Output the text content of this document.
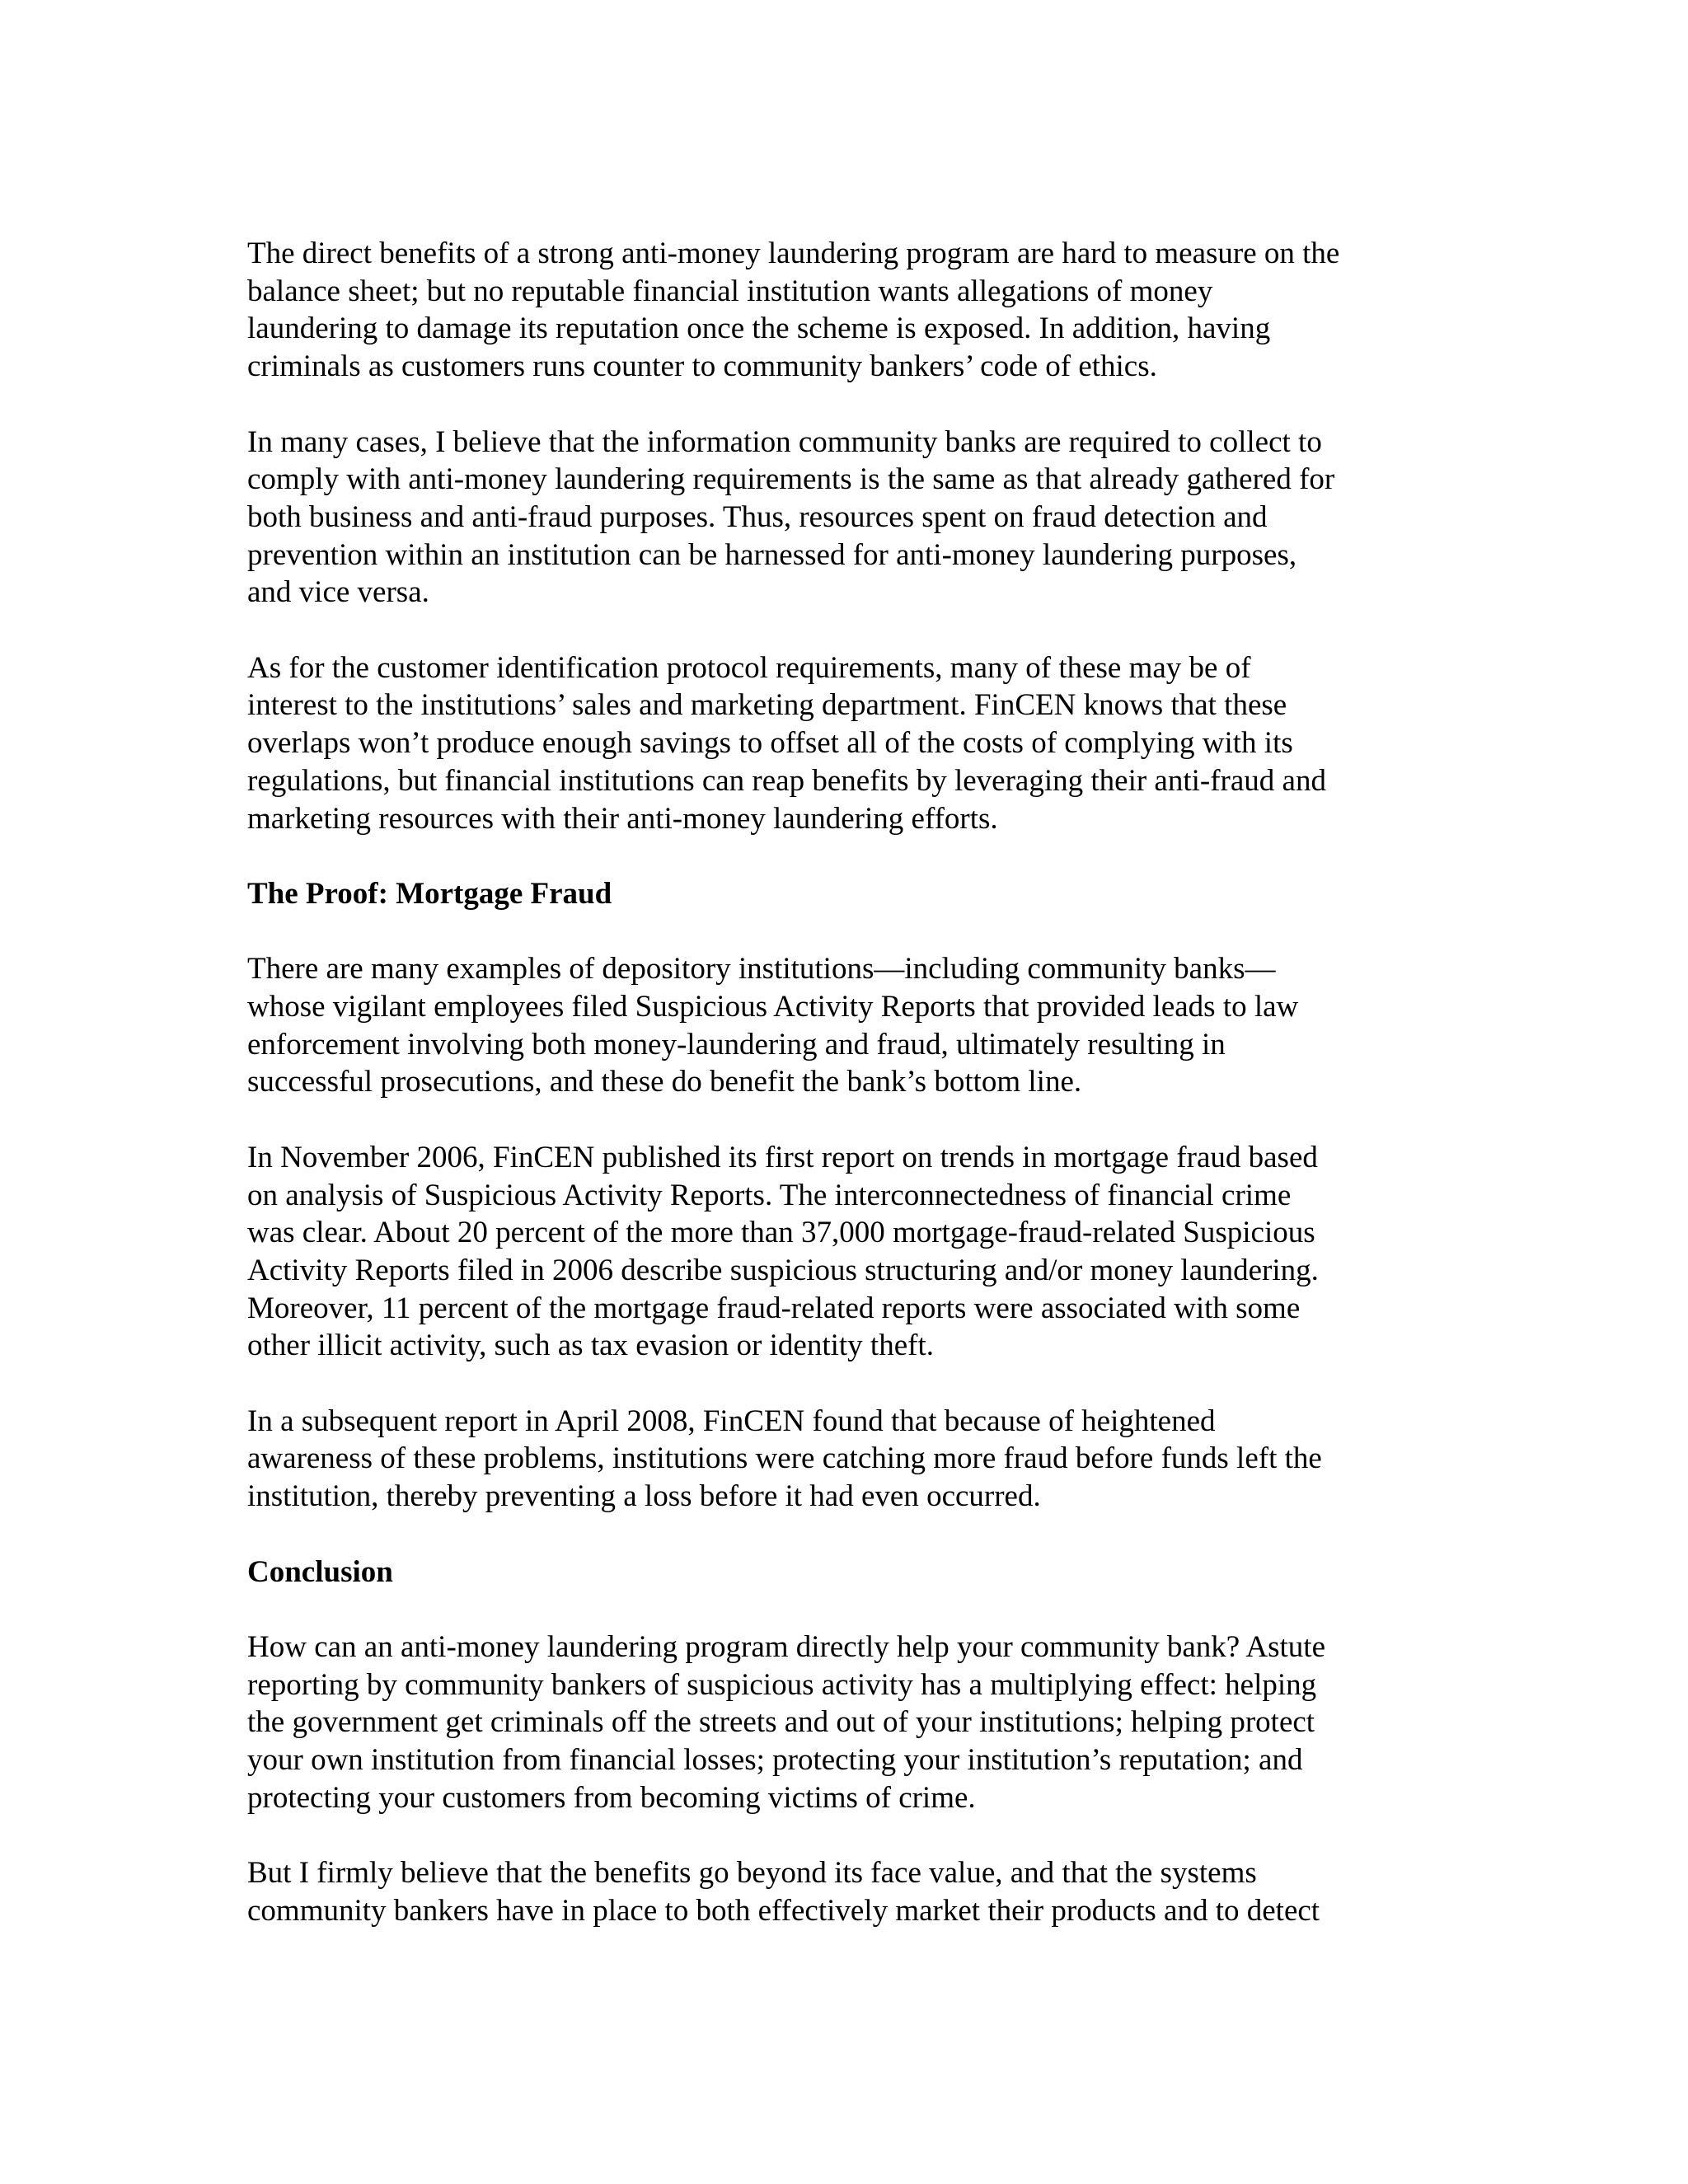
The direct benefits of a strong anti-money laundering program are hard to measure on the
balance sheet; but no reputable financial institution wants allegations of money
laundering to damage its reputation once the scheme is exposed. In addition, having
criminals as customers runs counter to community bankers’ code of ethics.

In many cases, I believe that the information community banks are required to collect to
comply with anti-money laundering requirements is the same as that already gathered for
both business and anti-fraud purposes. Thus, resources spent on fraud detection and
prevention within an institution can be harnessed for anti-money laundering purposes,
and vice versa.

As for the customer identification protocol requirements, many of these may be of
interest to the institutions’ sales and marketing department. FinCEN knows that these
overlaps won’t produce enough savings to offset all of the costs of complying with its
regulations, but financial institutions can reap benefits by leveraging their anti-fraud and
marketing resources with their anti-money laundering efforts.

The Proof: Mortgage Fraud

There are many examples of depository institutions—including community banks—
whose vigilant employees filed Suspicious Activity Reports that provided leads to law
enforcement involving both money-laundering and fraud, ultimately resulting in
successful prosecutions, and these do benefit the bank’s bottom line.

In November 2006, FinCEN published its first report on trends in mortgage fraud based
on analysis of Suspicious Activity Reports. The interconnectedness of financial crime
was clear. About 20 percent of the more than 37,000 mortgage-fraud-related Suspicious
Activity Reports filed in 2006 describe suspicious structuring and/or money laundering.
Moreover, 11 percent of the mortgage fraud-related reports were associated with some
other illicit activity, such as tax evasion or identity theft.

In a subsequent report in April 2008, FinCEN found that because of heightened
awareness of these problems, institutions were catching more fraud before funds left the
institution, thereby preventing a loss before it had even occurred.

Conclusion

How can an anti-money laundering program directly help your community bank? Astute
reporting by community bankers of suspicious activity has a multiplying effect: helping
the government get criminals off the streets and out of your institutions; helping protect
your own institution from financial losses; protecting your institution’s reputation; and
protecting your customers from becoming victims of crime.

But I firmly believe that the benefits go beyond its face value, and that the systems
community bankers have in place to both effectively market their products and to detect
